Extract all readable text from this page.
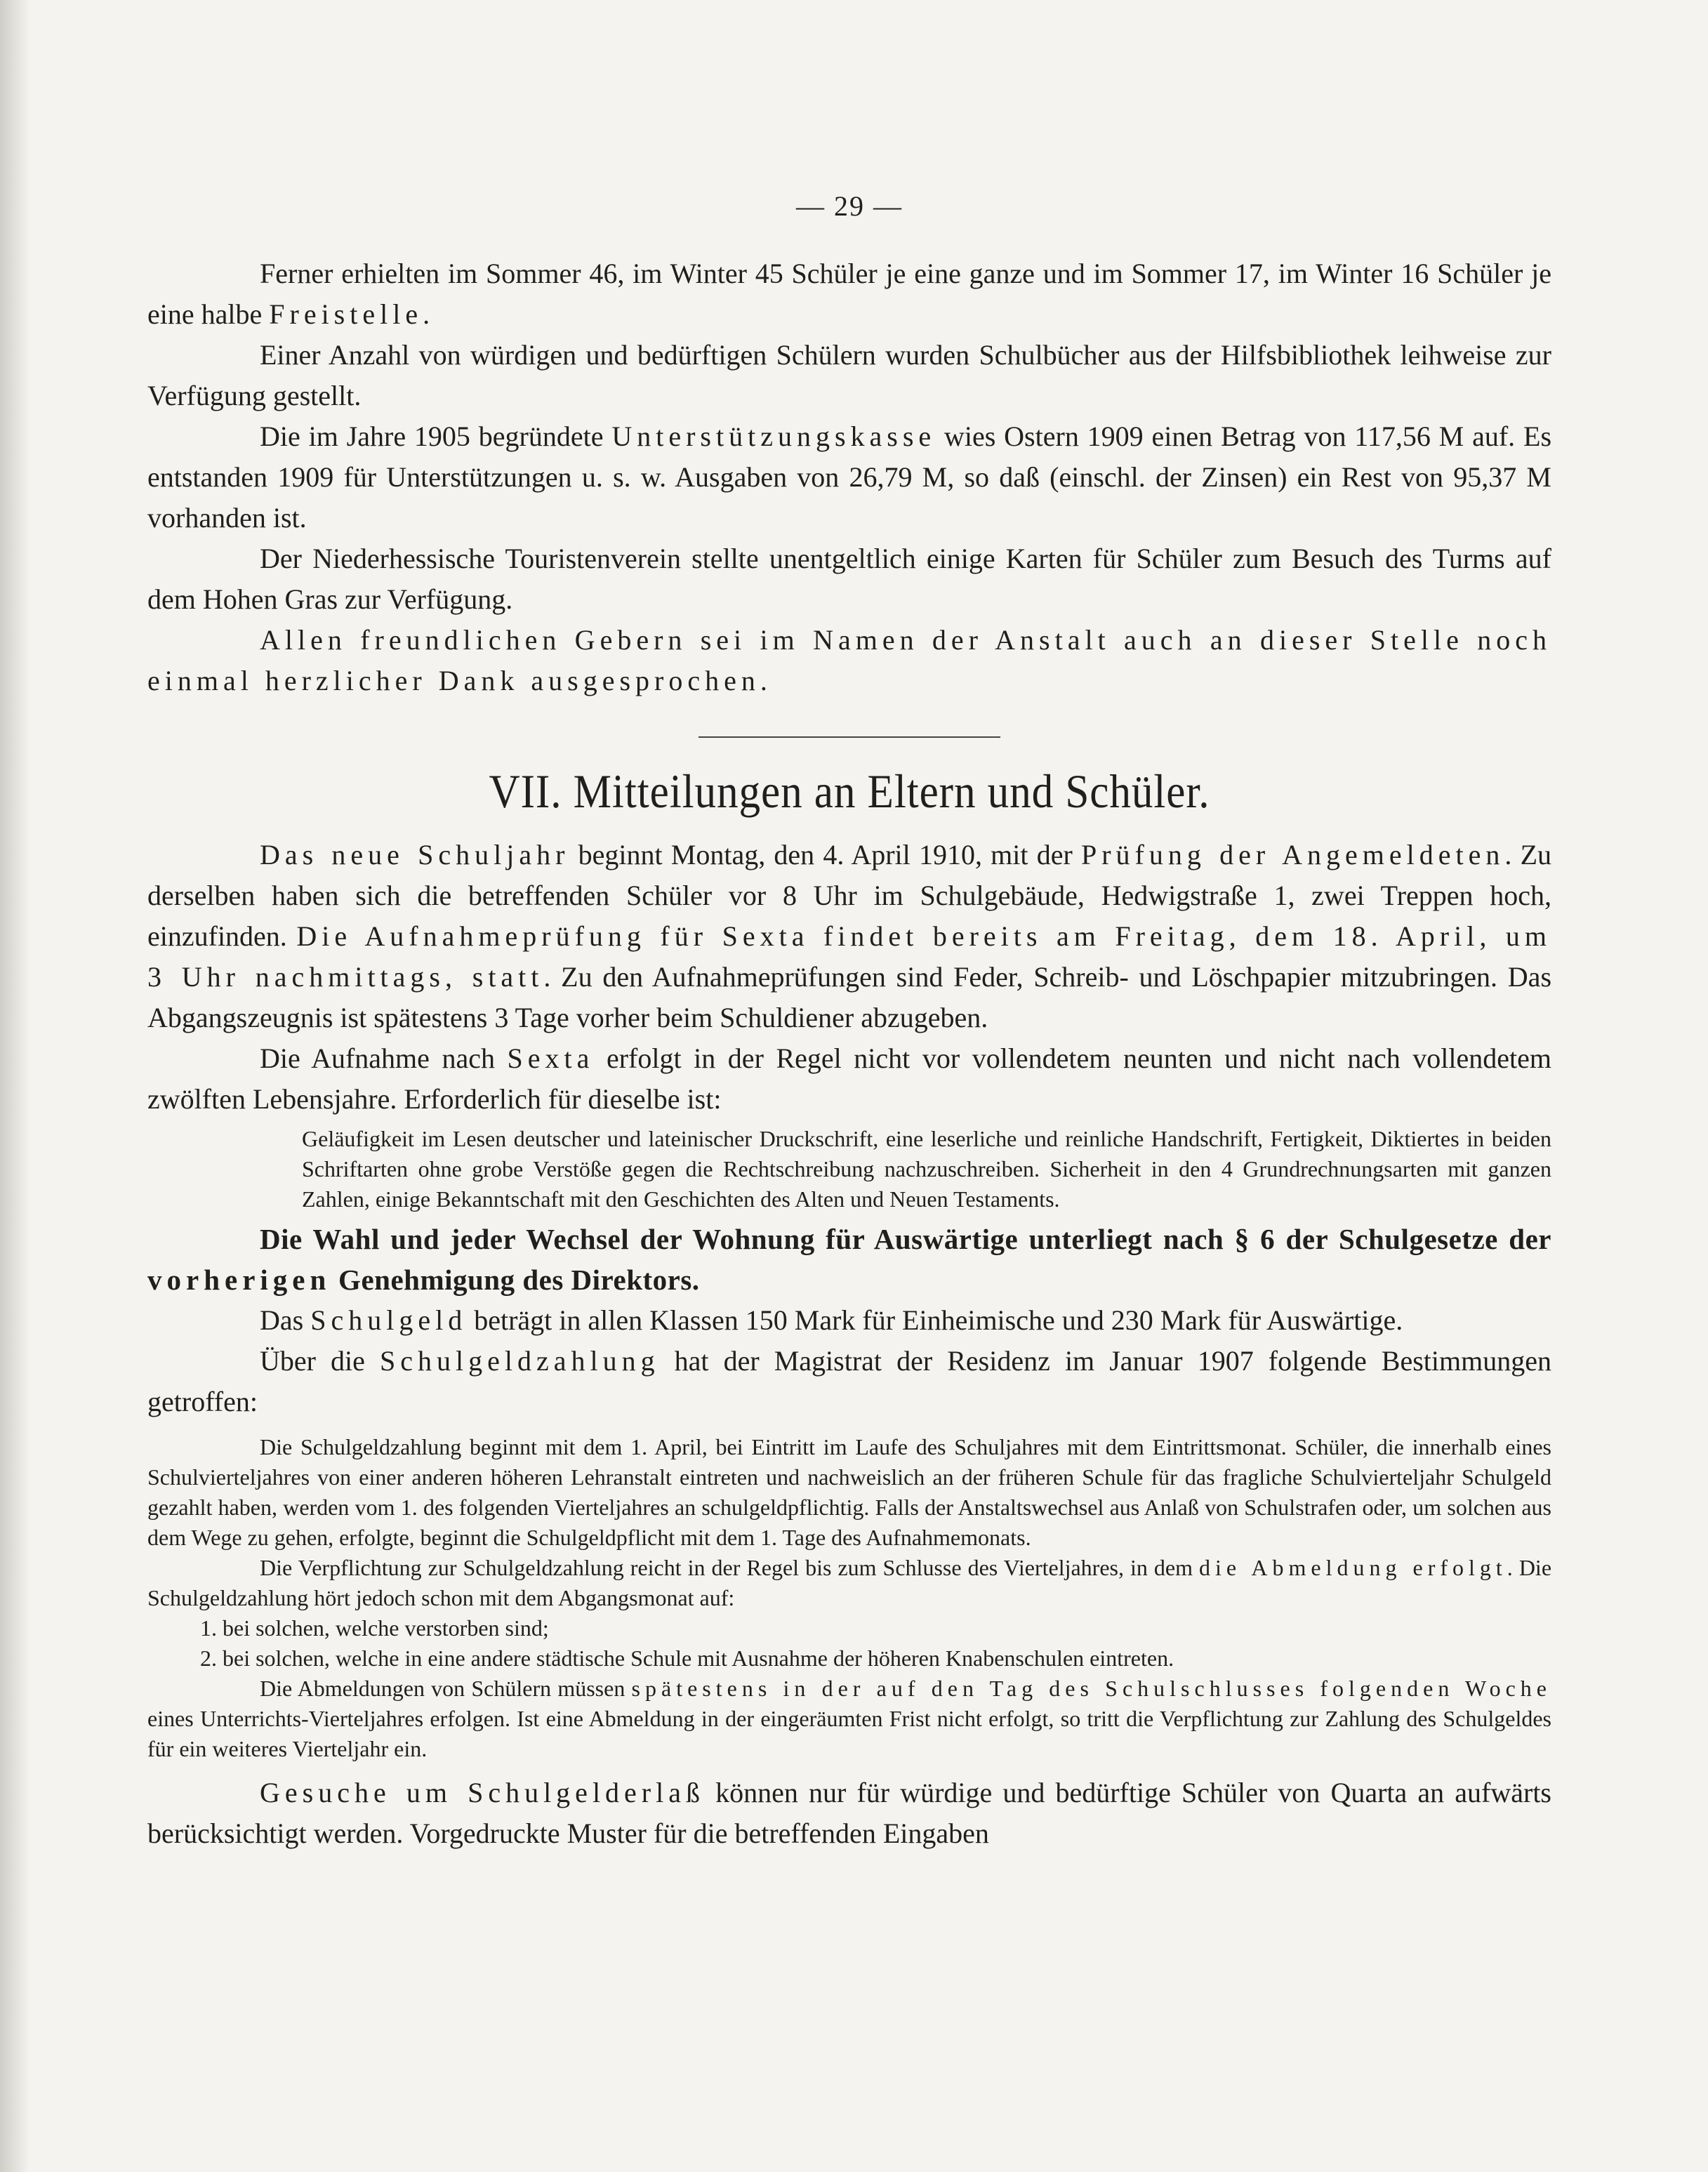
— 29 —

Ferner erhielten im Sommer 46, im Winter 45 Schüler je eine ganze und im Sommer 17, im Winter 16 Schüler je eine halbe Freistelle.

Einer Anzahl von würdigen und bedürftigen Schülern wurden Schulbücher aus der Hilfsbibliothek leihweise zur Verfügung gestellt.

Die im Jahre 1905 begründete Unterstützungskasse wies Ostern 1909 einen Betrag von 117,56 M auf. Es entstanden 1909 für Unterstützungen u. s. w. Ausgaben von 26,79 M, so daß (einschl. der Zinsen) ein Rest von 95,37 M vorhanden ist.

Der Niederhessische Touristenverein stellte unentgeltlich einige Karten für Schüler zum Besuch des Turms auf dem Hohen Gras zur Verfügung.

Allen freundlichen Gebern sei im Namen der Anstalt auch an dieser Stelle noch einmal herzlicher Dank ausgesprochen.

VII. Mitteilungen an Eltern und Schüler.

Das neue Schuljahr beginnt Montag, den 4. April 1910, mit der Prüfung der Angemeldeten. Zu derselben haben sich die betreffenden Schüler vor 8 Uhr im Schulgebäude, Hedwigstraße 1, zwei Treppen hoch, einzufinden. Die Aufnahmeprüfung für Sexta findet bereits am Freitag, dem 18. April, um 3 Uhr nachmittags, statt. Zu den Aufnahmeprüfungen sind Feder, Schreib- und Löschpapier mitzubringen. Das Abgangszeugnis ist spätestens 3 Tage vorher beim Schuldiener abzugeben.

Die Aufnahme nach Sexta erfolgt in der Regel nicht vor vollendetem neunten und nicht nach vollendetem zwölften Lebensjahre. Erforderlich für dieselbe ist:

Geläufigkeit im Lesen deutscher und lateinischer Druckschrift, eine leserliche und reinliche Handschrift, Fertigkeit, Diktiertes in beiden Schriftarten ohne grobe Verstöße gegen die Rechtschreibung nachzuschreiben. Sicherheit in den 4 Grundrechnungsarten mit ganzen Zahlen, einige Bekanntschaft mit den Geschichten des Alten und Neuen Testaments.

Die Wahl und jeder Wechsel der Wohnung für Auswärtige unterliegt nach § 6 der Schulgesetze der vorherigen Genehmigung des Direktors.

Das Schulgeld beträgt in allen Klassen 150 Mark für Einheimische und 230 Mark für Auswärtige.

Über die Schulgeldzahlung hat der Magistrat der Residenz im Januar 1907 folgende Bestimmungen getroffen:

Die Schulgeldzahlung beginnt mit dem 1. April, bei Eintritt im Laufe des Schuljahres mit dem Eintrittsmonat. Schüler, die innerhalb eines Schulvierteljahres von einer anderen höheren Lehranstalt eintreten und nachweislich an der früheren Schule für das fragliche Schulvierteljahr Schulgeld gezahlt haben, werden vom 1. des folgenden Vierteljahres an schulgeldpflichtig. Falls der Anstaltswechsel aus Anlaß von Schulstrafen oder, um solchen aus dem Wege zu gehen, erfolgte, beginnt die Schulgeldpflicht mit dem 1. Tage des Aufnahmemonats.

Die Verpflichtung zur Schulgeldzahlung reicht in der Regel bis zum Schlusse des Vierteljahres, in dem die Abmeldung erfolgt. Die Schulgeldzahlung hört jedoch schon mit dem Abgangsmonat auf:

1. bei solchen, welche verstorben sind;

2. bei solchen, welche in eine andere städtische Schule mit Ausnahme der höheren Knabenschulen eintreten.

Die Abmeldungen von Schülern müssen spätestens in der auf den Tag des Schulschlusses folgenden Woche eines Unterrichts-Vierteljahres erfolgen. Ist eine Abmeldung in der eingeräumten Frist nicht erfolgt, so tritt die Verpflichtung zur Zahlung des Schulgeldes für ein weiteres Vierteljahr ein.

Gesuche um Schulgelderlaß können nur für würdige und bedürftige Schüler von Quarta an aufwärts berücksichtigt werden. Vorgedruckte Muster für die betreffenden Eingaben
